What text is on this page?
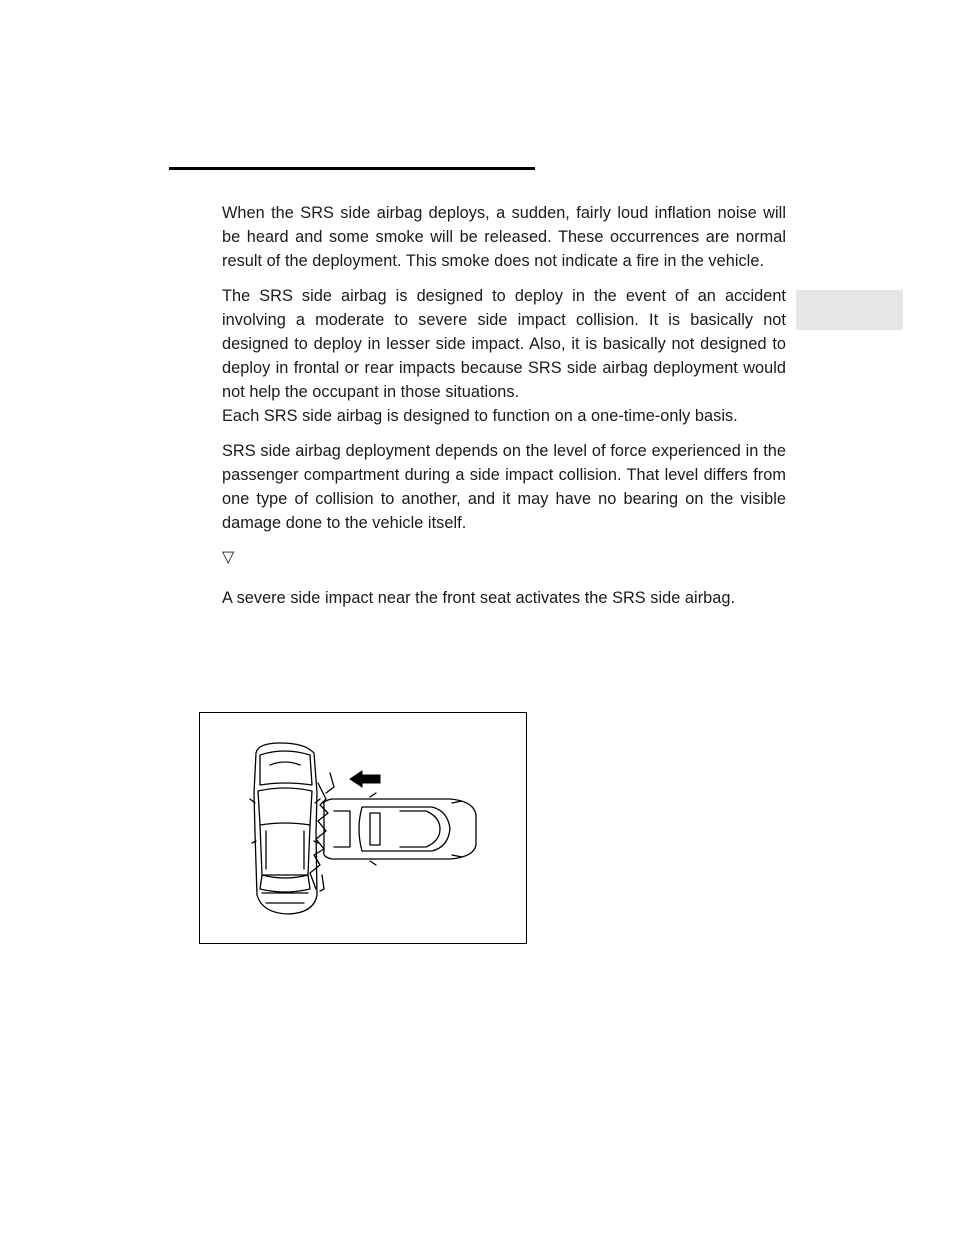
When the SRS side airbag deploys, a sudden, fairly loud inflation noise will be heard and some smoke will be released. These occurrences are normal result of the deployment. This smoke does not indicate a fire in the vehicle.

The SRS side airbag is designed to deploy in the event of an accident involving a moderate to severe side impact collision. It is basically not designed to deploy in lesser side impact. Also, it is basically not designed to deploy in frontal or rear impacts because SRS side airbag deployment would not help the occupant in those situations.

Each SRS side airbag is designed to function on a one-time-only basis.

SRS side airbag deployment depends on the level of force experienced in the passenger compartment during a side impact collision. That level differs from one type of collision to another, and it may have no bearing on the visible damage done to the vehicle itself.

▽

A severe side impact near the front seat activates the SRS side airbag.
